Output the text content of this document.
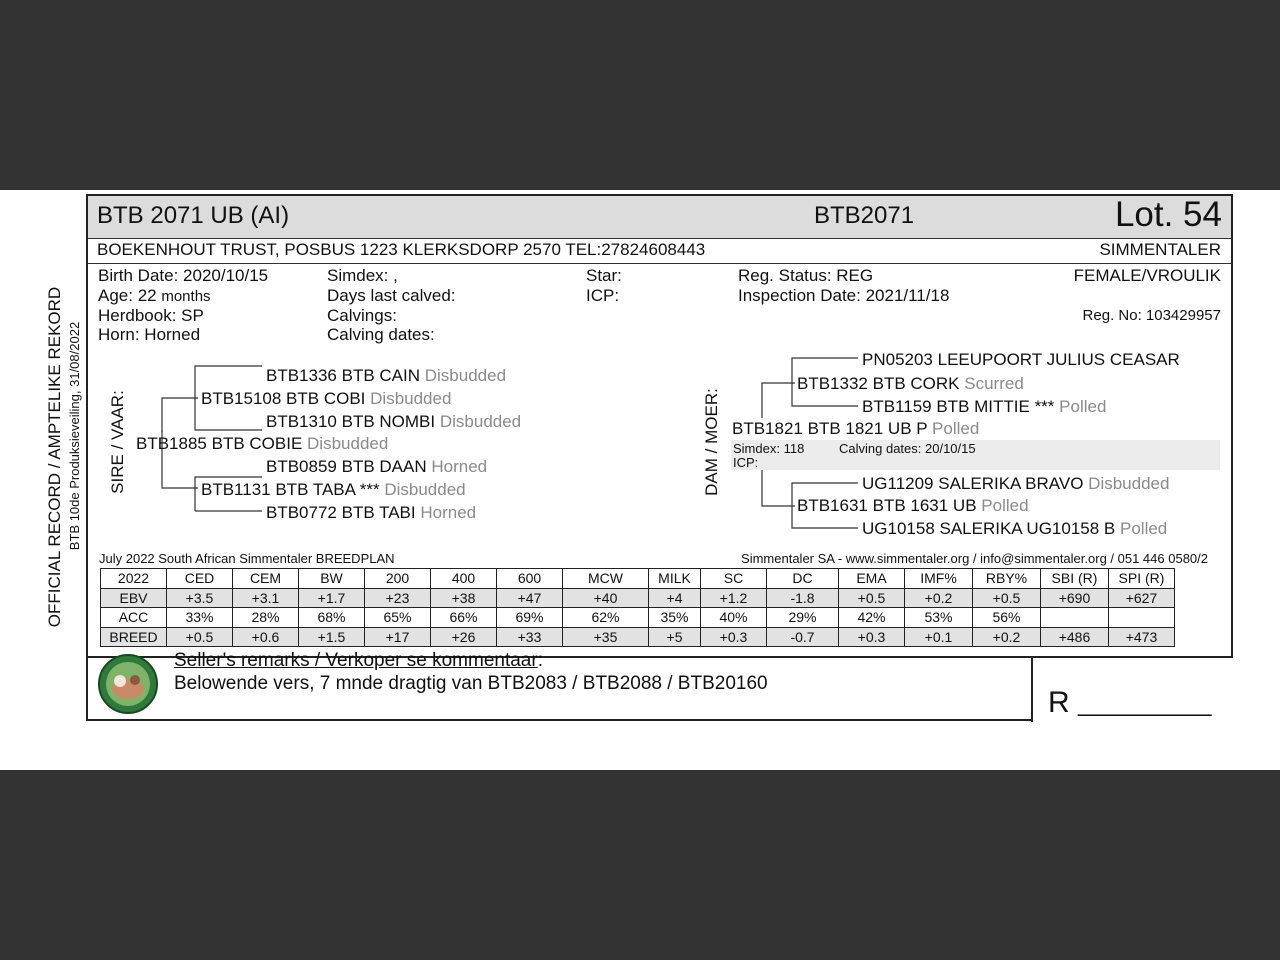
OFFICIAL RECORD / AMPTELIKE REKORD BTB 10de Produksieveiling, 31/08/2022
BTB 2071 UB (AI)	BTB2071	Lot. 54
BOEKENHOUT TRUST, POSBUS 1223 KLERKSDORP 2570 TEL:27824608443	SIMMENTALER
Birth Date: 2020/10/15
Age: 22 months
Herdbook: SP
Horn: Horned
Simdex: ,
Days last calved:
Calvings:
Calving dates:
Star:
ICP:
Reg. Status: REG
Inspection Date: 2021/11/18
FEMALE/VROULIK
Reg. No: 103429957
SIRE / VAAR:
BTB1336 BTB CAIN Disbudded
BTB15108 BTB COBI Disbudded
BTB1310 BTB NOMBI Disbudded
BTB1885 BTB COBIE Disbudded
BTB0859 BTB DAAN Horned
BTB1131 BTB TABA *** Disbudded
BTB0772 BTB TABI Horned
DAM / MOER:
PN05203 LEEUPOORT JULIUS CEASAR
BTB1332 BTB CORK Scurred
BTB1159 BTB MITTIE *** Polled
BTB1821 BTB 1821 UB P Polled
Simdex: 118	Calving dates: 20/10/15
ICP:
UG11209 SALERIKA BRAVO Disbudded
BTB1631 BTB 1631 UB Polled
UG10158 SALERIKA UG10158 B Polled
July 2022 South African Simmentaler BREEDPLAN	Simmentaler SA - www.simmentaler.org / info@simmentaler.org / 051 446 0580/2
2022	CED	CEM	BW	200	400	600	MCW	MILK	SC	DC	EMA	IMF%	RBY%	SBI (R)	SPI (R)
EBV	+3.5	+3.1	+1.7	+23	+38	+47	+40	+4	+1.2	-1.8	+0.5	+0.2	+0.5	+690	+627
ACC	33%	28%	68%	65%	66%	69%	62%	35%	40%	29%	42%	53%	56%		
BREED	+0.5	+0.6	+1.5	+17	+26	+33	+35	+5	+0.3	-0.7	+0.3	+0.1	+0.2	+486	+473
Seller's remarks / Verkoper se kommentaar:
Belowende vers, 7 mnde dragtig van BTB2083 / BTB2088 / BTB20160
R __________
